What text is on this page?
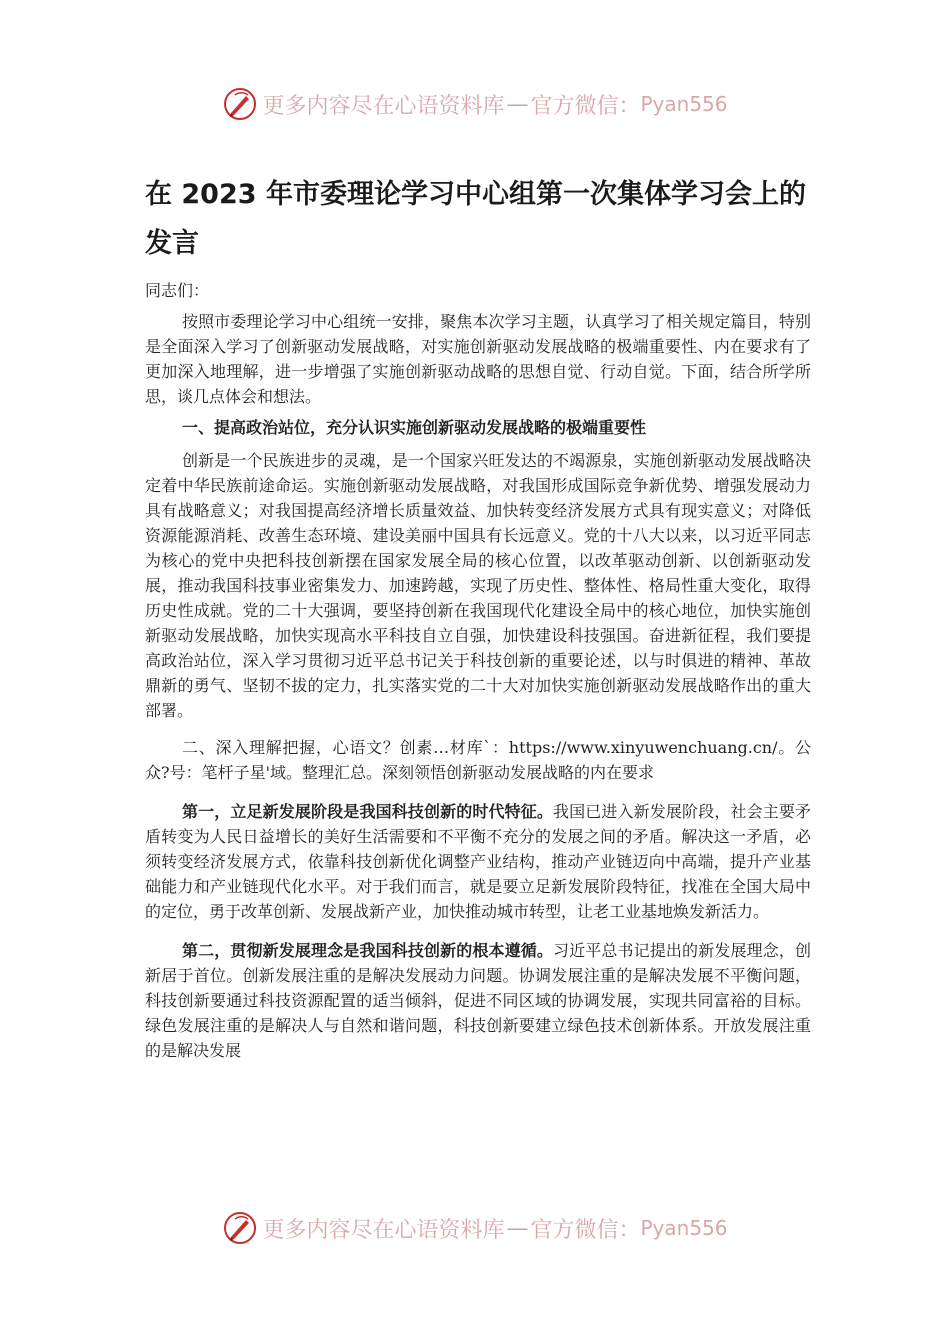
更多内容尽在心语资料库 — 官方微信： Pyan556
在 2023 年市委理论学习中心组第一次集体学习会上的发言

同志们：

按照市委理论学习中心组统一安排，聚焦本次学习主题，认真学习了相关规定篇目，特别是全面深入学习了创新驱动发展战略，对实施创新驱动发展战略的极端重要性、内在要求有了更加深入地理解，进一步增强了实施创新驱动战略的思想自觉、行动自觉。下面，结合所学所思，谈几点体会和想法。

一、提高政治站位，充分认识实施创新驱动发展战略的极端重要性

创新是一个民族进步的灵魂，是一个国家兴旺发达的不竭源泉，实施创新驱动发展战略决定着中华民族前途命运。实施创新驱动发展战略，对我国形成国际竞争新优势、增强发展动力具有战略意义；对我国提高经济增长质量效益、加快转变经济发展方式具有现实意义；对降低资源能源消耗、改善生态环境、建设美丽中国具有长远意义。党的十八大以来，以习近平同志为核心的党中央把科技创新摆在国家发展全局的核心位置，以改革驱动创新、以创新驱动发展，推动我国科技事业密集发力、加速跨越，实现了历史性、整体性、格局性重大变化，取得历史性成就。党的二十大强调，要坚持创新在我国现代化建设全局中的核心地位，加快实施创新驱动发展战略，加快实现高水平科技自立自强，加快建设科技强国。奋进新征程，我们要提高政治站位，深入学习贯彻习近平总书记关于科技创新的重要论述，以与时俱进的精神、革故鼎新的勇气、坚韧不拔的定力，扎实落实党的二十大对加快实施创新驱动发展战略作出的重大部署。

二、深入理解把握，心语文？创素…材库`：https://www.xinyuwenchuang.cn/。公众?号：笔杆子星'域。整理汇总。深刻领悟创新驱动发展战略的内在要求

第一，立足新发展阶段是我国科技创新的时代特征。我国已进入新发展阶段，社会主要矛盾转变为人民日益增长的美好生活需要和不平衡不充分的发展之间的矛盾。解决这一矛盾，必须转变经济发展方式，依靠科技创新优化调整产业结构，推动产业链迈向中高端，提升产业基础能力和产业链现代化水平。对于我们而言，就是要立足新发展阶段特征，找准在全国大局中的定位，勇于改革创新、发展战新产业，加快推动城市转型，让老工业基地焕发新活力。

第二，贯彻新发展理念是我国科技创新的根本遵循。习近平总书记提出的新发展理念，创新居于首位。创新发展注重的是解决发展动力问题。协调发展注重的是解决发展不平衡问题，科技创新要通过科技资源配置的适当倾斜，促进不同区域的协调发展，实现共同富裕的目标。绿色发展注重的是解决人与自然和谐问题，科技创新要建立绿色技术创新体系。开放发展注重的是解决发展

更多内容尽在心语资料库 — 官方微信： Pyan556
